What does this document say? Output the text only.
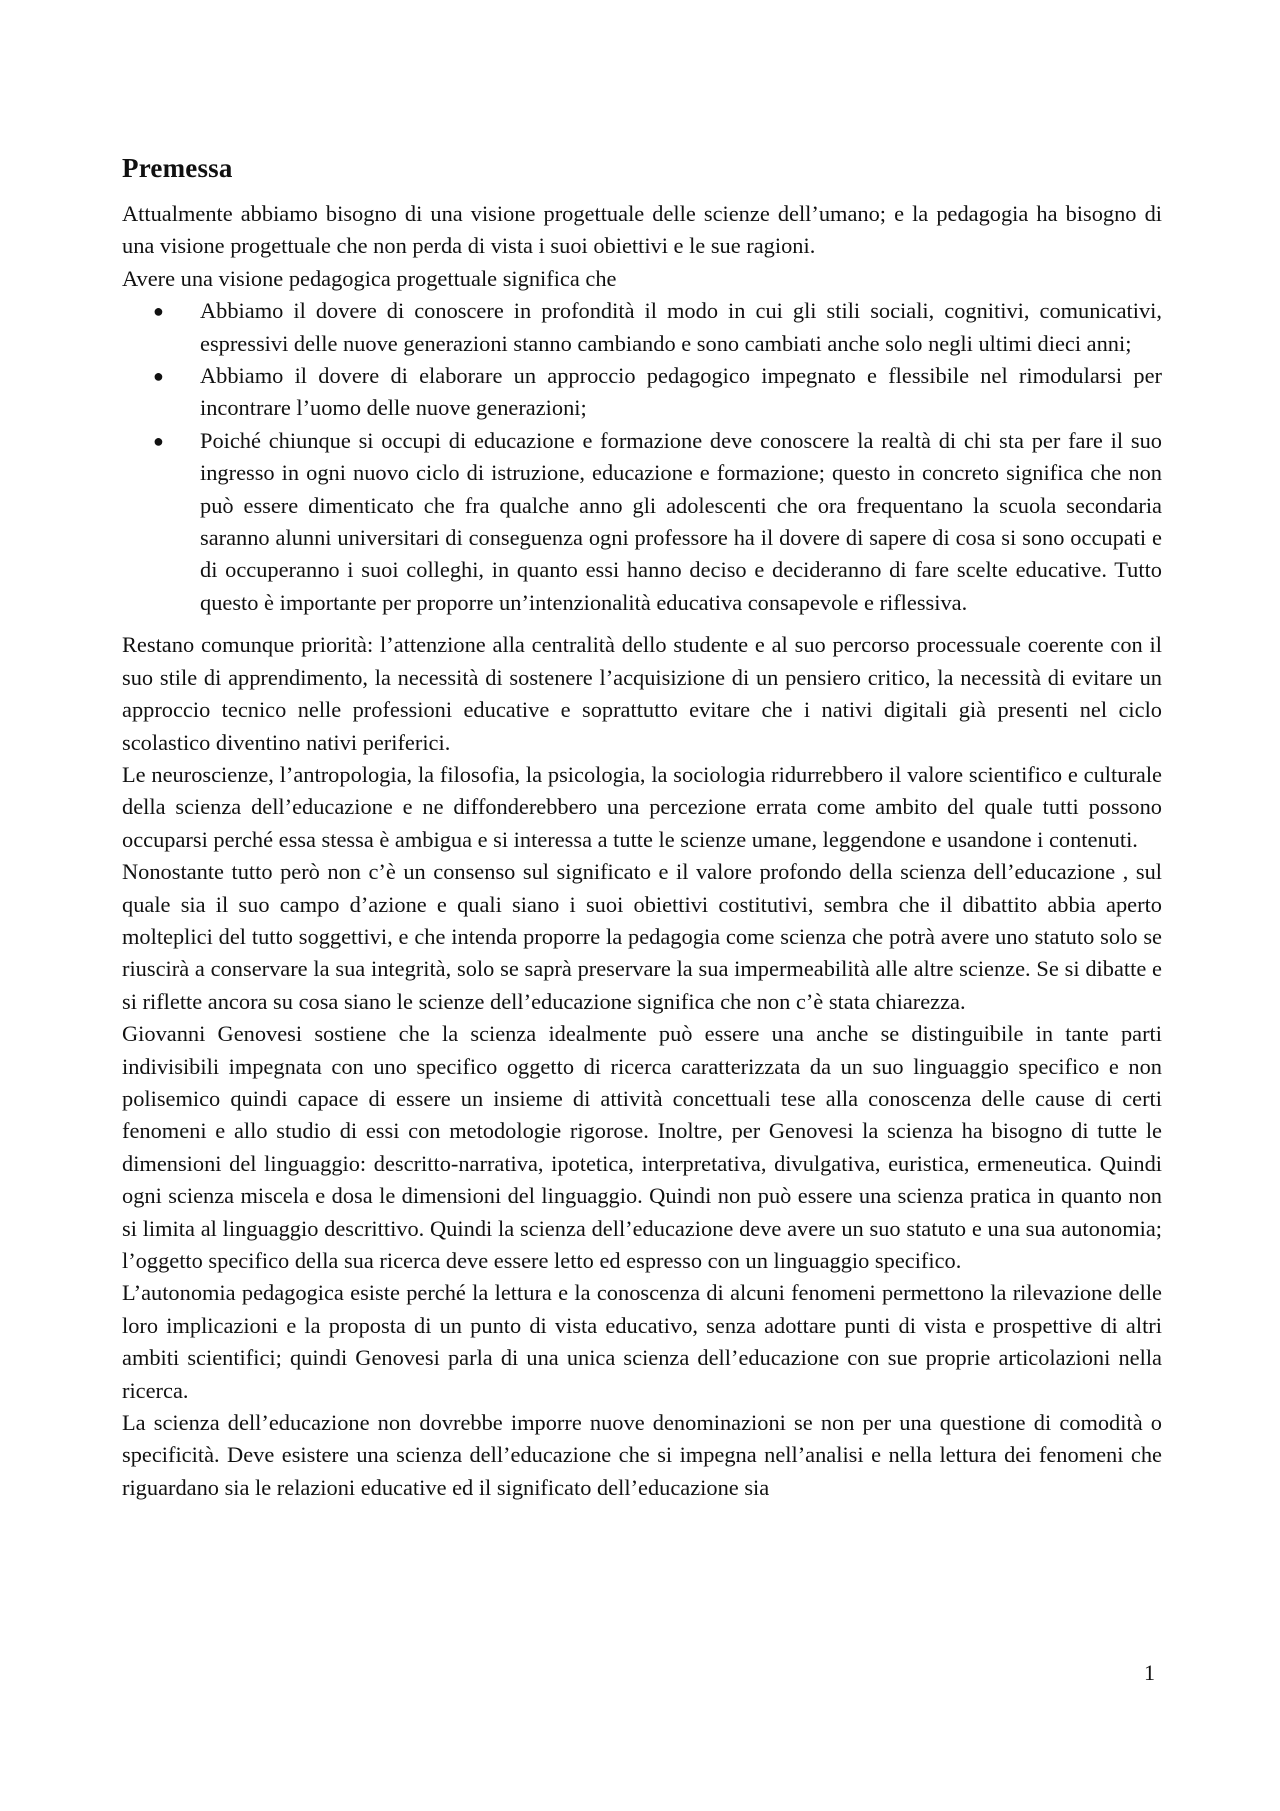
Premessa

Attualmente abbiamo bisogno di una visione progettuale delle scienze dell’umano; e la pedagogia ha bisogno di una visione progettuale che non perda di vista i suoi obiettivi e le sue ragioni.

Avere una visione pedagogica progettuale significa che

● Abbiamo il dovere di conoscere in profondità il modo in cui gli stili sociali, cognitivi, comunicativi, espressivi delle nuove generazioni stanno cambiando e sono cambiati anche solo negli ultimi dieci anni;
● Abbiamo il dovere di elaborare un approccio pedagogico impegnato e flessibile nel rimodularsi per incontrare l’uomo delle nuove generazioni;
● Poiché chiunque si occupi di educazione e formazione deve conoscere la realtà di chi sta per fare il suo ingresso in ogni nuovo ciclo di istruzione, educazione e formazione; questo in concreto significa che non può essere dimenticato che fra qualche anno gli adolescenti che ora frequentano la scuola secondaria saranno alunni universitari di conseguenza ogni professore ha il dovere di sapere di cosa si sono occupati e di occuperanno i suoi colleghi, in quanto essi hanno deciso e decideranno di fare scelte educative. Tutto questo è importante per proporre un’intenzionalità educativa consapevole e riflessiva.

Restano comunque priorità: l’attenzione alla centralità dello studente e al suo percorso processuale coerente con il suo stile di apprendimento, la necessità di sostenere l’acquisizione di un pensiero critico, la necessità di evitare un approccio tecnico nelle professioni educative e soprattutto evitare che i nativi digitali già presenti nel ciclo scolastico diventino nativi periferici.

Le neuroscienze, l’antropologia, la filosofia, la psicologia, la sociologia ridurrebbero il valore scientifico e culturale della scienza dell’educazione e ne diffonderebbero una percezione errata come ambito del quale tutti possono occuparsi perché essa stessa è ambigua e si interessa a tutte le scienze umane, leggendone e usandone i contenuti.

Nonostante tutto però non c’è un consenso sul significato e il valore profondo della scienza dell’educazione , sul quale sia il suo campo d’azione e quali siano i suoi obiettivi costitutivi, sembra che il dibattito abbia aperto molteplici del tutto soggettivi, e che intenda proporre la pedagogia come scienza che potrà avere uno statuto solo se riuscirà a conservare la sua integrità, solo se saprà preservare la sua impermeabilità alle altre scienze. Se si dibatte e si riflette ancora su cosa siano le scienze dell’educazione significa che non c’è stata chiarezza.

Giovanni Genovesi sostiene che la scienza idealmente può essere una anche se distinguibile in tante parti indivisibili impegnata con uno specifico oggetto di ricerca caratterizzata da un suo linguaggio specifico e non polisemico quindi capace di essere un insieme di attività concettuali tese alla conoscenza delle cause di certi fenomeni e allo studio di essi con metodologie rigorose. Inoltre, per Genovesi la scienza ha bisogno di tutte le dimensioni del linguaggio: descritto-narrativa, ipotetica, interpretativa, divulgativa, euristica, ermeneutica. Quindi ogni scienza miscela e dosa le dimensioni del linguaggio. Quindi non può essere una scienza pratica in quanto non si limita al linguaggio descrittivo. Quindi la scienza dell’educazione deve avere un suo statuto e una sua autonomia; l’oggetto specifico della sua ricerca deve essere letto ed espresso con un linguaggio specifico.

L’autonomia pedagogica esiste perché la lettura e la conoscenza di alcuni fenomeni permettono la rilevazione delle loro implicazioni e la proposta di un punto di vista educativo, senza adottare punti di vista e prospettive di altri ambiti scientifici; quindi Genovesi parla di una unica scienza dell’educazione con sue proprie articolazioni nella ricerca.

La scienza dell’educazione non dovrebbe imporre nuove denominazioni se non per una questione di comodità o specificità. Deve esistere una scienza dell’educazione che si impegna nell’analisi e nella lettura dei fenomeni che riguardano sia le relazioni educative ed il significato dell’educazione sia

1
